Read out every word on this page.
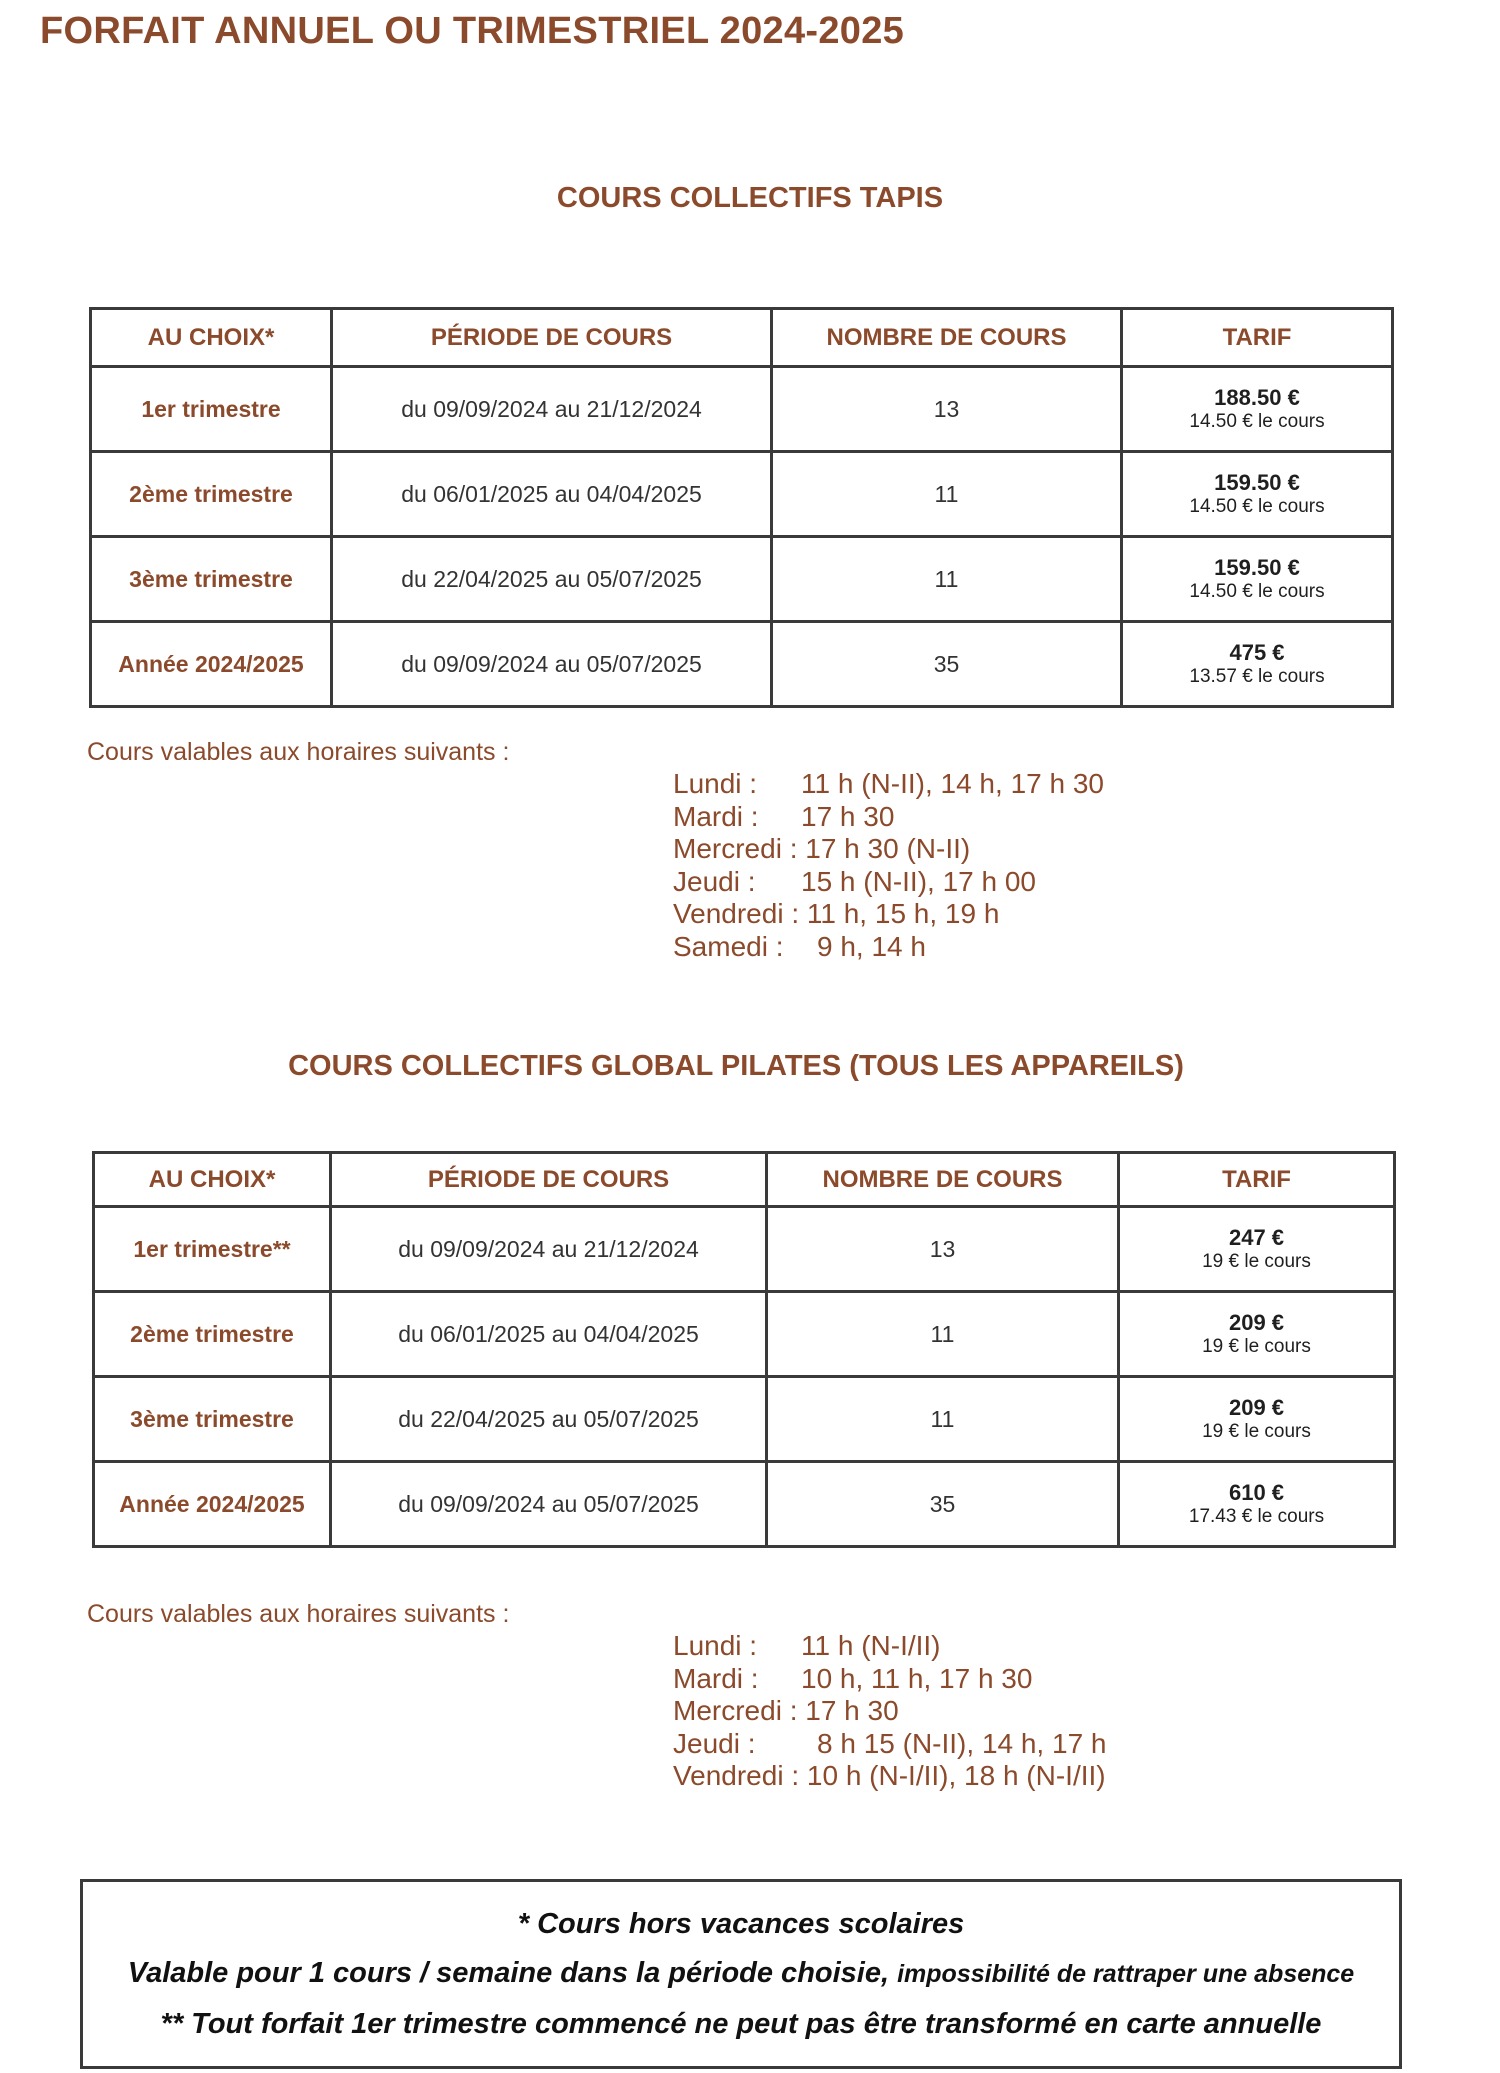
FORFAIT ANNUEL OU TRIMESTRIEL 2024-2025
COURS COLLECTIFS TAPIS
AU CHOIX*	PÉRIODE DE COURS	NOMBRE DE COURS	TARIF
1er trimestre	du 09/09/2024 au 21/12/2024	13	188.50 €
14.50 € le cours

2ème trimestre	du 06/01/2025 au 04/04/2025	11	159.50 €
14.50 € le cours

3ème trimestre	du 22/04/2025 au 05/07/2025	11	159.50 €
14.50 € le cours

Année 2024/2025	du 09/09/2024 au 05/07/2025	35	475 €
13.57 € le cours
Cours valables aux horaires suivants :
Lundi : 11 h (N-II), 14 h, 17 h 30
Mardi : 17 h 30
Mercredi : 17 h 30 (N-II)
Jeudi : 15 h (N-II), 17 h 00
Vendredi : 11 h, 15 h, 19 h
Samedi : 9 h, 14 h
COURS COLLECTIFS GLOBAL PILATES (TOUS LES APPAREILS)
AU CHOIX*	PÉRIODE DE COURS	NOMBRE DE COURS	TARIF
1er trimestre**	du 09/09/2024 au 21/12/2024	13	247 €
19 € le cours

2ème trimestre	du 06/01/2025 au 04/04/2025	11	209 €
19 € le cours

3ème trimestre	du 22/04/2025 au 05/07/2025	11	209 €
19 € le cours

Année 2024/2025	du 09/09/2024 au 05/07/2025	35	610 €
17.43 € le cours
Cours valables aux horaires suivants :
Lundi : 11 h (N-I/II)
Mardi : 10 h, 11 h, 17 h 30
Mercredi : 17 h 30
Jeudi : 8 h 15 (N-II), 14 h, 17 h
Vendredi : 10 h (N-I/II), 18 h (N-I/II)
* Cours hors vacances scolaires
Valable pour 1 cours / semaine dans la période choisie, impossibilité de rattraper une absence
** Tout forfait 1er trimestre commencé ne peut pas être transformé en carte annuelle
